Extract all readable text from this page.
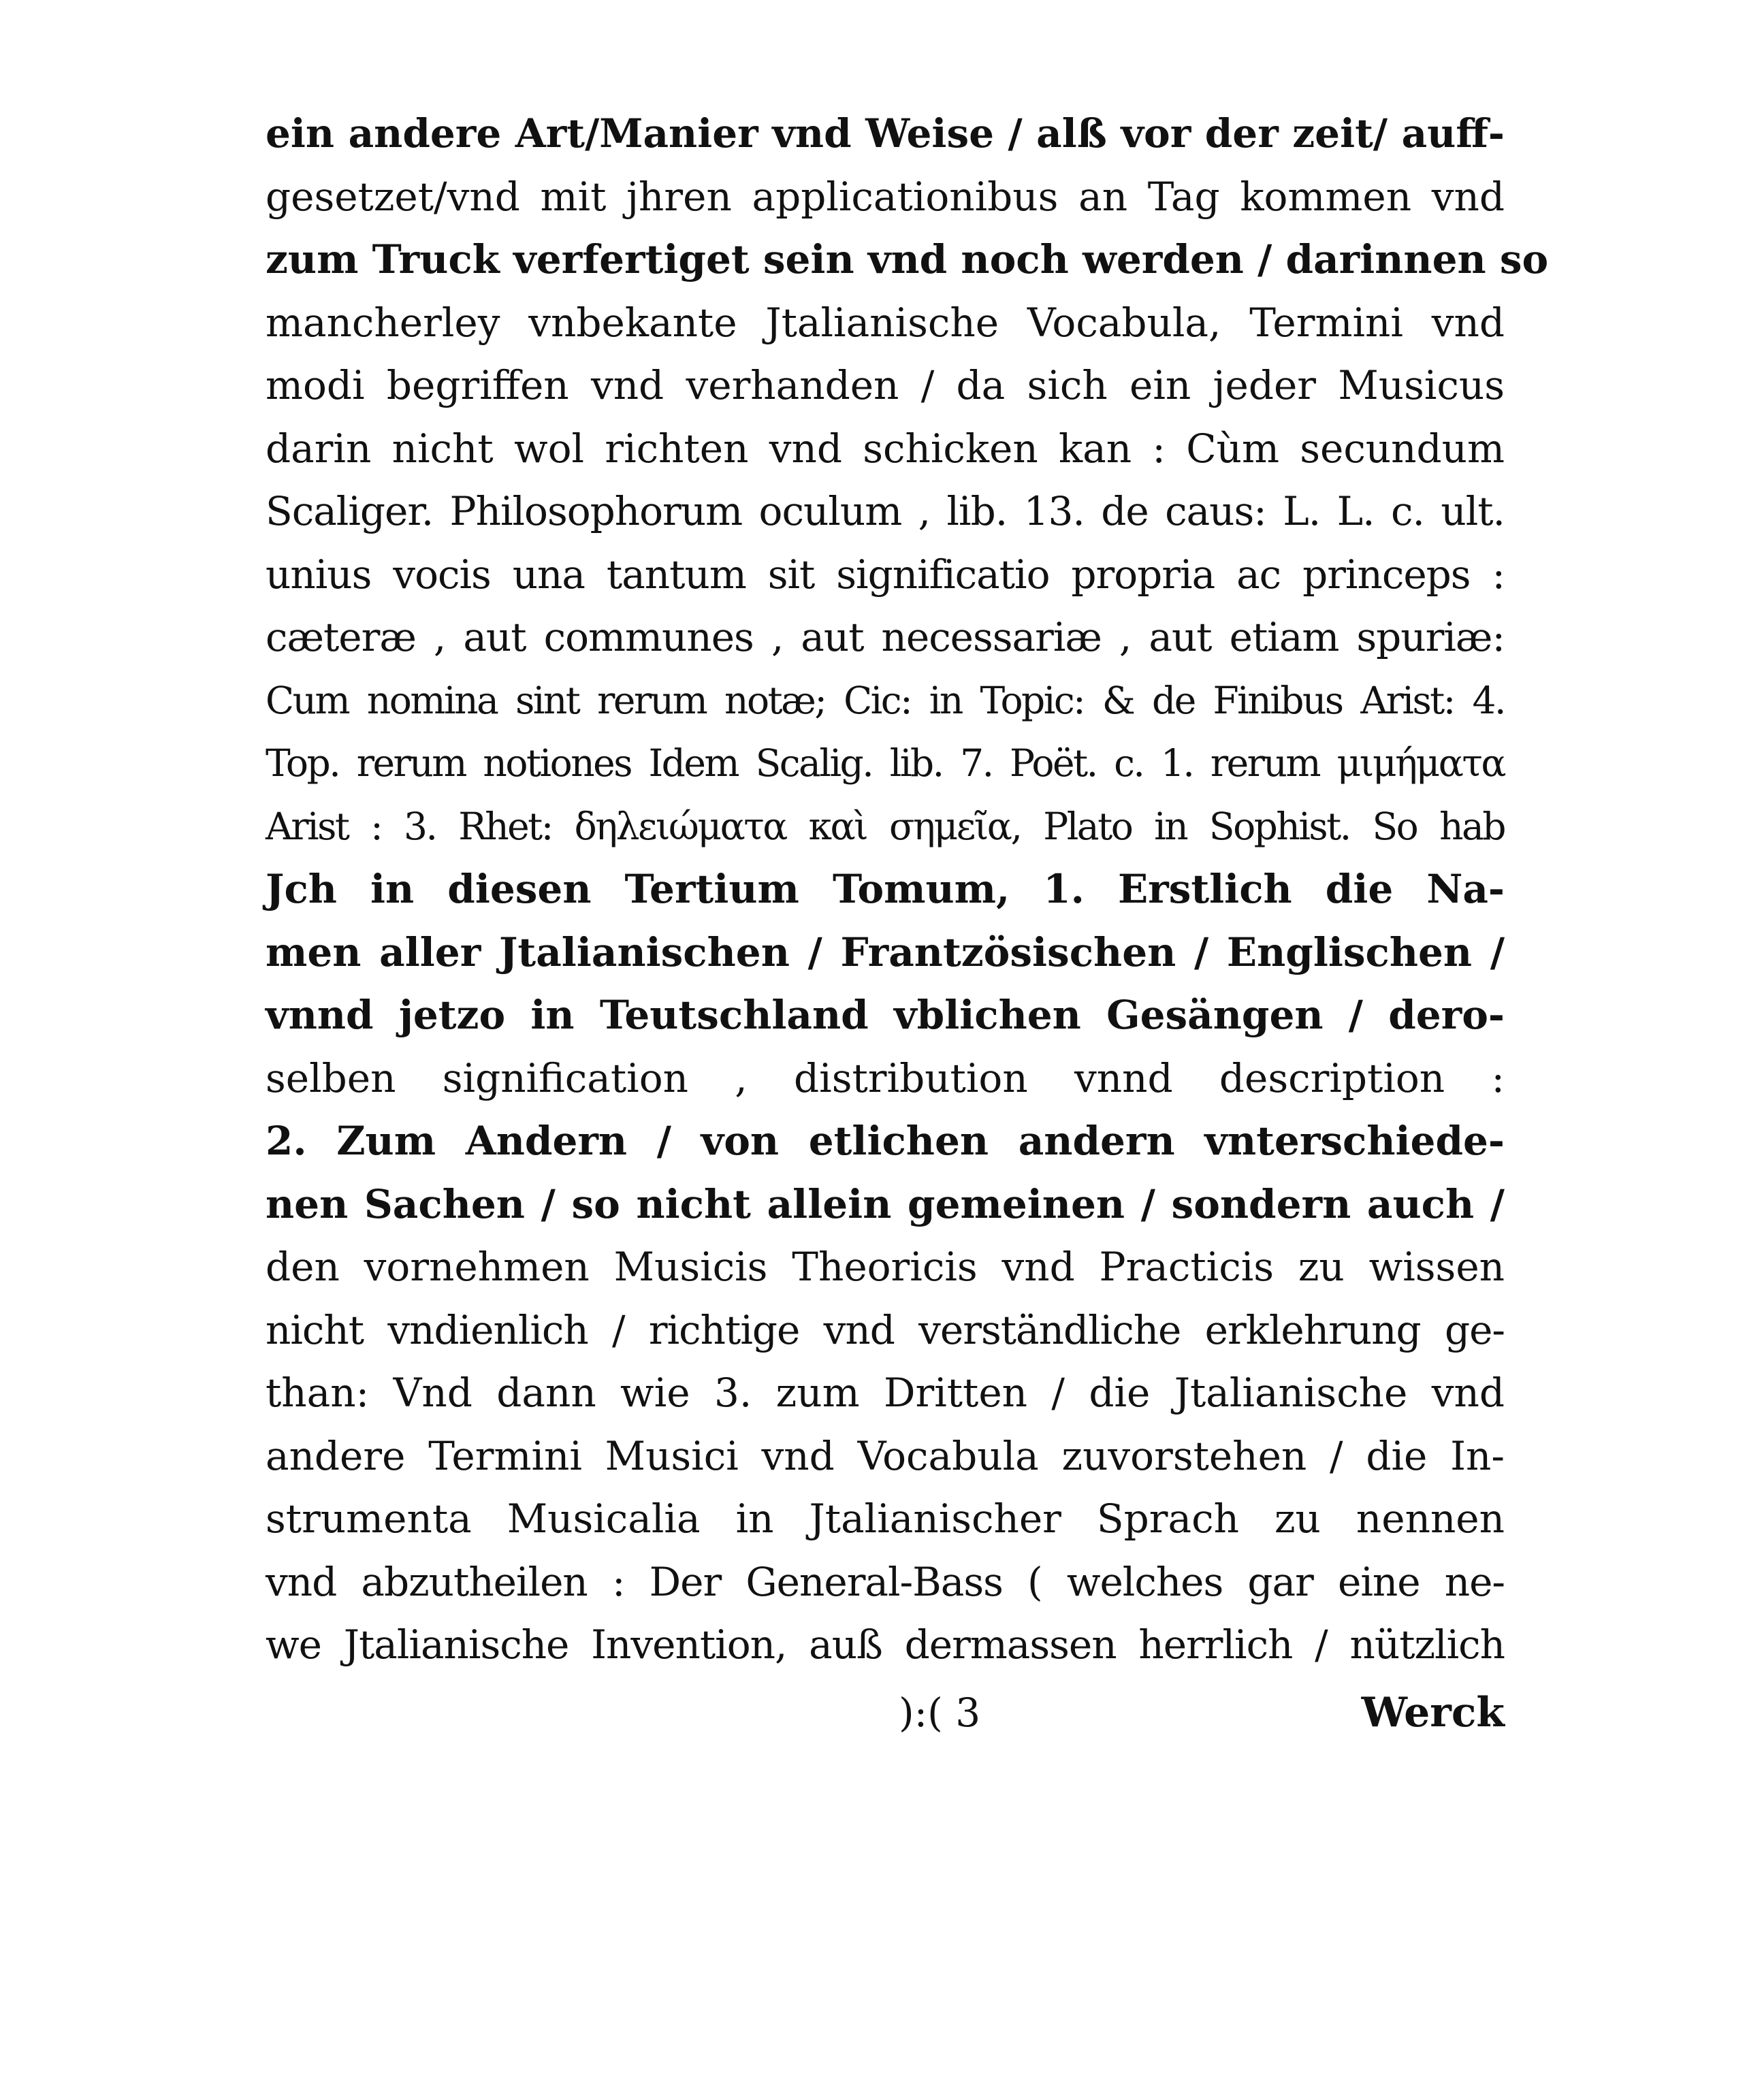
ein andere Art/Manier vnd Weise / alß vor der zeit/ auff-
gesetzet/vnd mit jhren applicationibus an Tag kommen vnd
zum Truck verfertiget sein vnd noch werden / darinnen so
mancherley vnbekante Jtalianische Vocabula, Termini vnd
modi begriffen vnd verhanden / da sich ein jeder Musicus
darin nicht wol richten vnd schicken kan : Cùm secundum
Scaliger. Philosophorum oculum , lib. 13. de caus: L. L. c. ult.
unius vocis una tantum sit significatio propria ac princeps :
cæteræ , aut communes , aut necessariæ , aut etiam spuriæ:
Cum nomina sint rerum notæ; Cic: in Topic: & de Finibus Arist: 4.
Top. rerum notiones Idem Scalig. lib. 7. Poët. c. 1. rerum μιμήματα
Arist : 3. Rhet: δηλειώματα καὶ σημεῖα, Plato in Sophist. So hab
Jch in diesen Tertium Tomum, 1. Erstlich die Na-
men aller Jtalianischen / Frantzösischen / Englischen /
vnnd jetzo in Teutschland vblichen Gesängen / dero-
selben signification , distribution vnnd description :
2. Zum Andern / von etlichen andern vnterschiede-
nen Sachen / so nicht allein gemeinen / sondern auch /
den vornehmen Musicis Theoricis vnd Practicis zu wissen
nicht vndienlich / richtige vnd verständliche erklehrung ge-
than: Vnd dann wie 3. zum Dritten / die Jtalianische vnd
andere Termini Musici vnd Vocabula zuvorstehen / die In-
strumenta Musicalia in Jtalianischer Sprach zu nennen
vnd abzutheilen : Der General-Bass ( welches gar eine ne-
we Jtalianische Invention, auß dermassen herrlich / nützlich
):( 3	Werck
